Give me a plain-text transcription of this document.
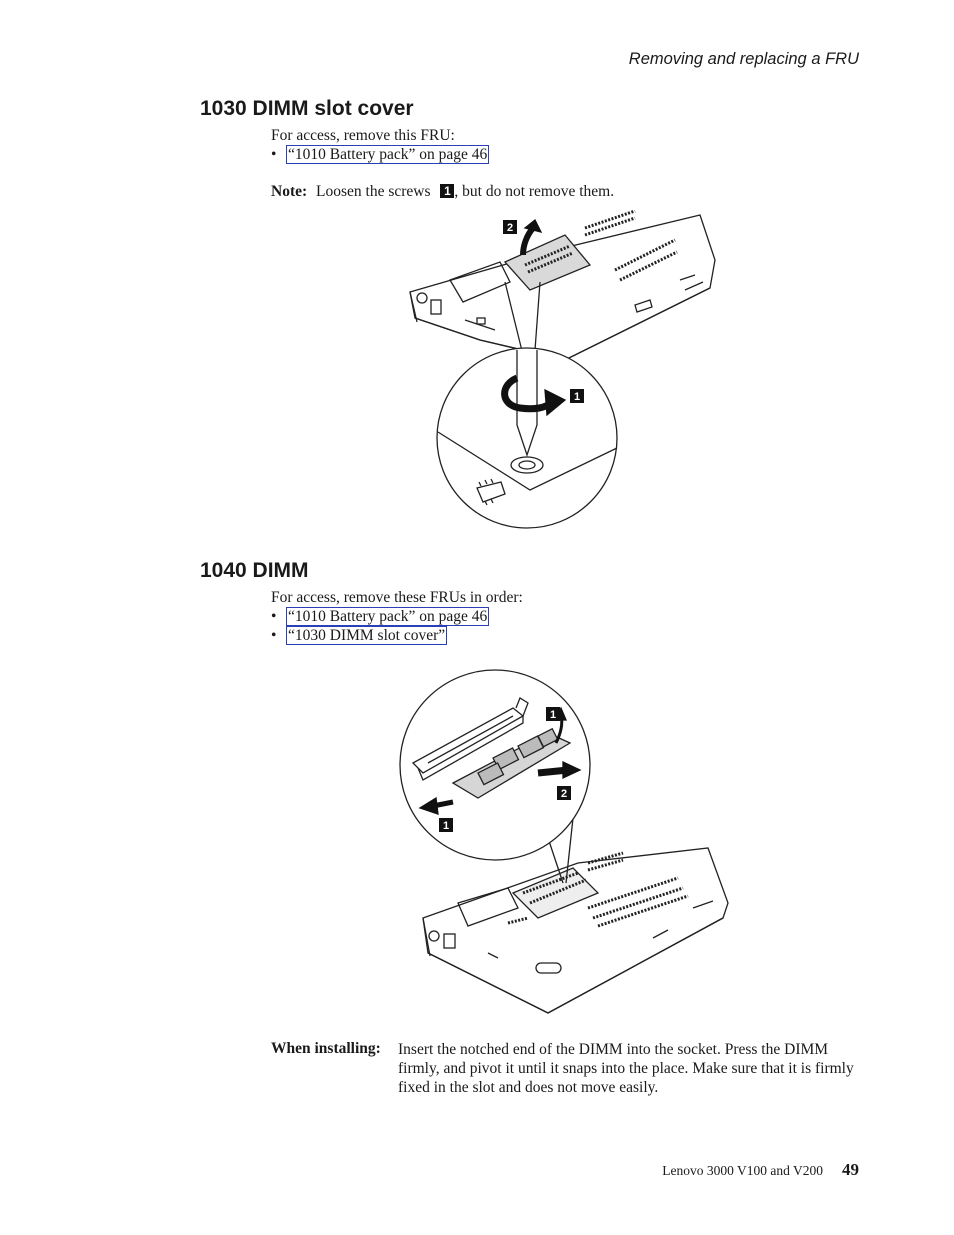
Removing and replacing a FRU
1030 DIMM slot cover
For access, remove this FRU:
• “1010 Battery pack” on page 46
Note: Loosen the screws 1 , but do not remove them.
2
1
1040 DIMM
For access, remove these FRUs in order:
• “1010 Battery pack” on page 46
• “1030 DIMM slot cover”
1
2
1
When installing: Insert the notched end of the DIMM into the socket. Press the DIMM firmly, and pivot it until it snaps into the place. Make sure that it is firmly fixed in the slot and does not move easily.
Lenovo 3000 V100 and V200 49
